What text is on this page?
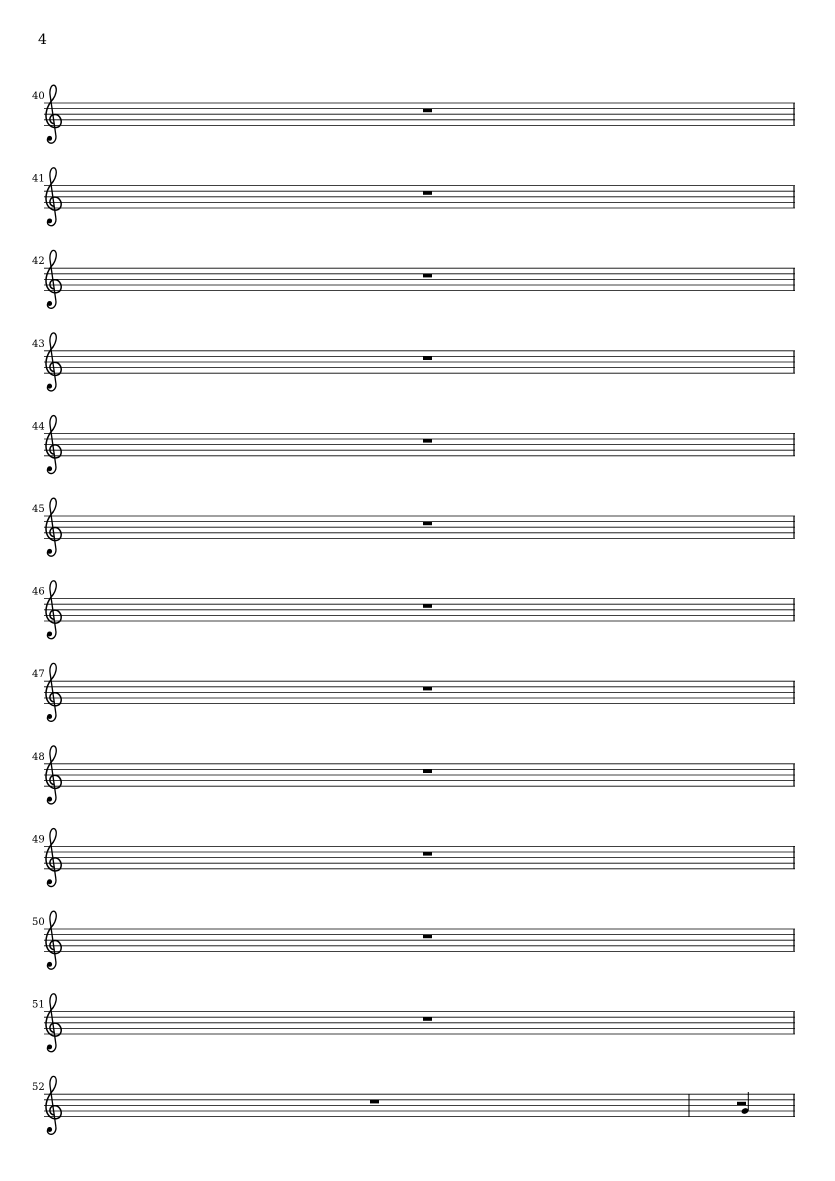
4
40
41
42
43
44
45
46
47
48
49
50
51
52
